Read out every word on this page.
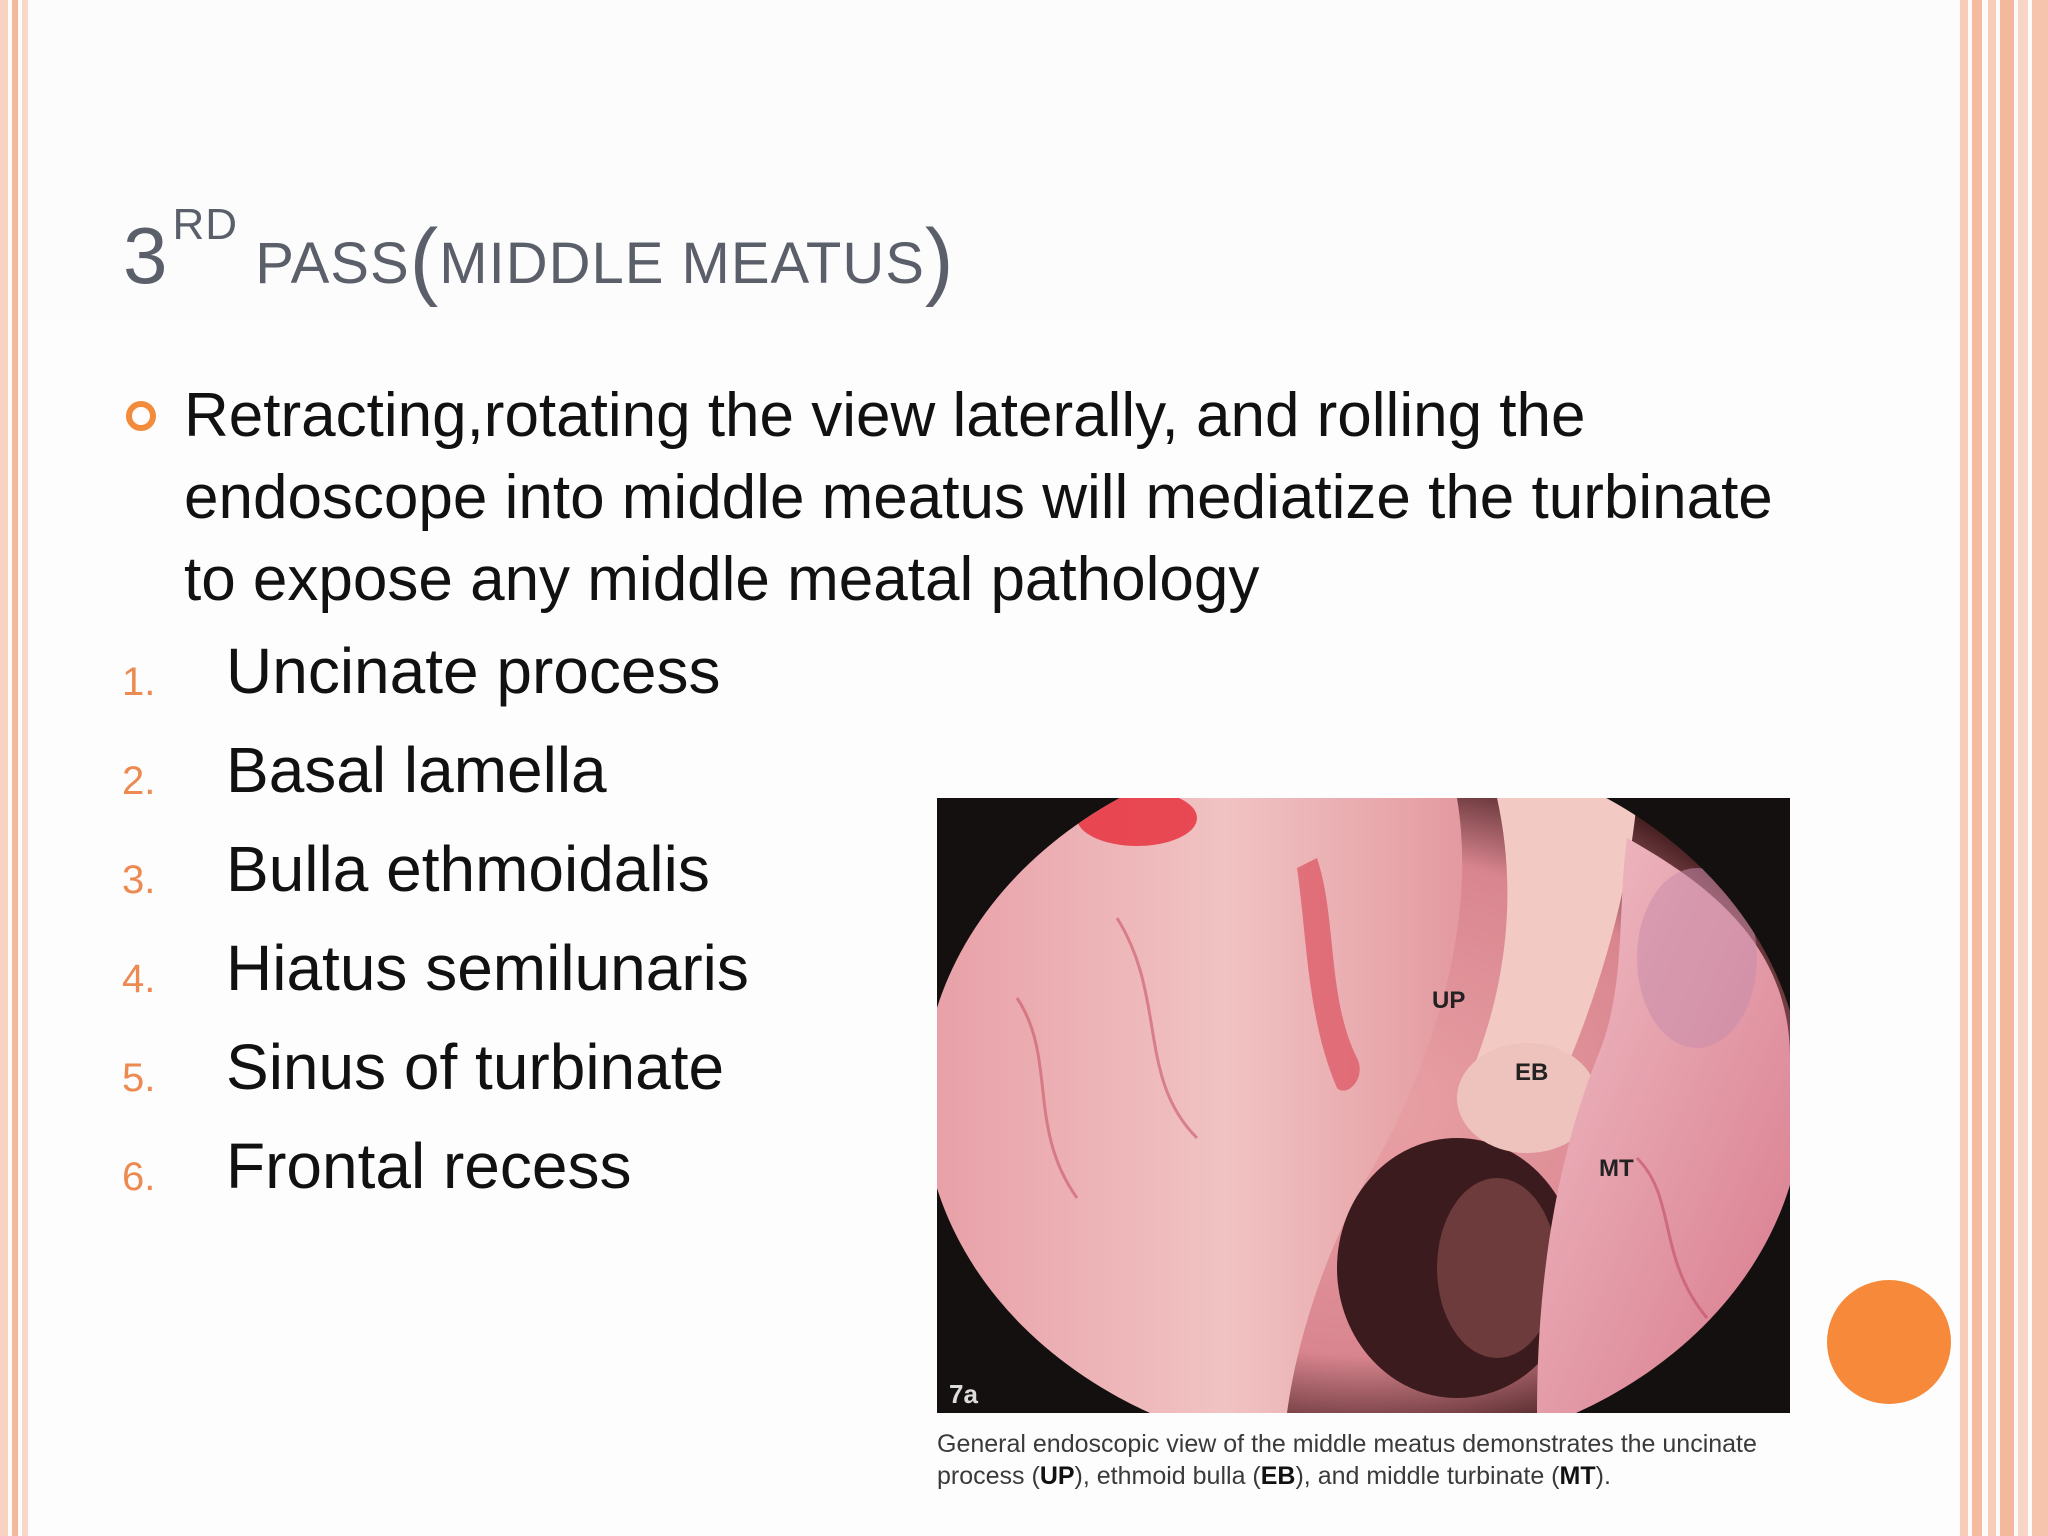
3RD PASS(MIDDLE MEATUS)

Retracting,rotating the view laterally, and rolling the endoscope into middle meatus will mediatize the turbinate to expose any middle meatal pathology

1. Uncinate process
2. Basal lamella
3. Bulla ethmoidalis
4. Hiatus semilunaris
5. Sinus of turbinate
6. Frontal recess
UP
EB
MT
7a

General endoscopic view of the middle meatus demonstrates the uncinate process (UP), ethmoid bulla (EB), and middle turbinate (MT).
